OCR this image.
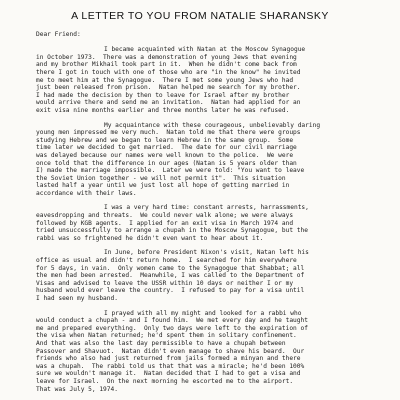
A LETTER TO YOU FROM NATALIE SHARANSKY
Dear Friend:
I became acquainted with Natan at the Moscow Synagogue
in October 1973.  There was a demonstration of young Jews that evening
and my brother Mikhail took part in it.  When he didn't come back from
there I got in touch with one of those who are "in the know" he invited
me to meet him at the Synagogue.  There I met some young Jews who had
just been released from prison.  Natan helped me search for my brother.
I had made the decision by then to leave for Israel after my brother
would arrive there and send me an invitation.  Natan had applied for an
exit visa nine months earlier and three months later he was refused.
My acquaintance with these courageous, unbelievably daring
young men impressed me very much.  Natan told me that there were groups
studying Hebrew and we began to learn Hebrew in the same group.  Some
time later we decided to get married.  The date for our civil marriage
was delayed because our names were well known to the police.  We were
once told that the difference in our ages (Natan is 5 years older than
I) made the marriage impossible.  Later we were told: "You want to leave
the Soviet Union together - we will not permit it".  This situation
lasted half a year until we just lost all hope of getting married in
accordance with their laws.
I was a very hard time: constant arrests, harrassments,
eavesdropping and threats.  We could never walk alone; we were always
followed by KGB agents.  I applied for an exit visa in March 1974 and
tried unsuccessfully to arrange a chupah in the Moscow Synagogue, but the
rabbi was so frightened he didn't even want to hear about it.
In June, before President Nixon's visit, Natan left his
office as usual and didn't return home.  I searched for him everywhere
for 5 days, in vain.  Only women came to the Synagogue that Shabbat; all
the men had been arrested.  Meanwhile, I was called to the Department of
Visas and advised to leave the USSR within 10 days or neither I or my
husband would ever leave the country.  I refused to pay for a visa until
I had seen my husband.
I prayed with all my might and looked for a rabbi who
would conduct a chupah - and I found him.  We met every day and he taught
me and prepared everything.  Only two days were left to the expiration of
the visa when Natan returned; he'd spent them in solitary confinement.
And that was also the last day permissible to have a chupah between
Passover and Shavuot.  Natan didn't even manage to shave his beard.  Our
friends who also had just returned from jails formed a minyan and there
was a chupah.  The rabbi told us that that was a miracle; he'd been 100%
sure we wouldn't manage it.  Natan decided that I had to get a visa and
leave for Israel.  On the next morning he escorted me to the airport.
That was July 5, 1974.
